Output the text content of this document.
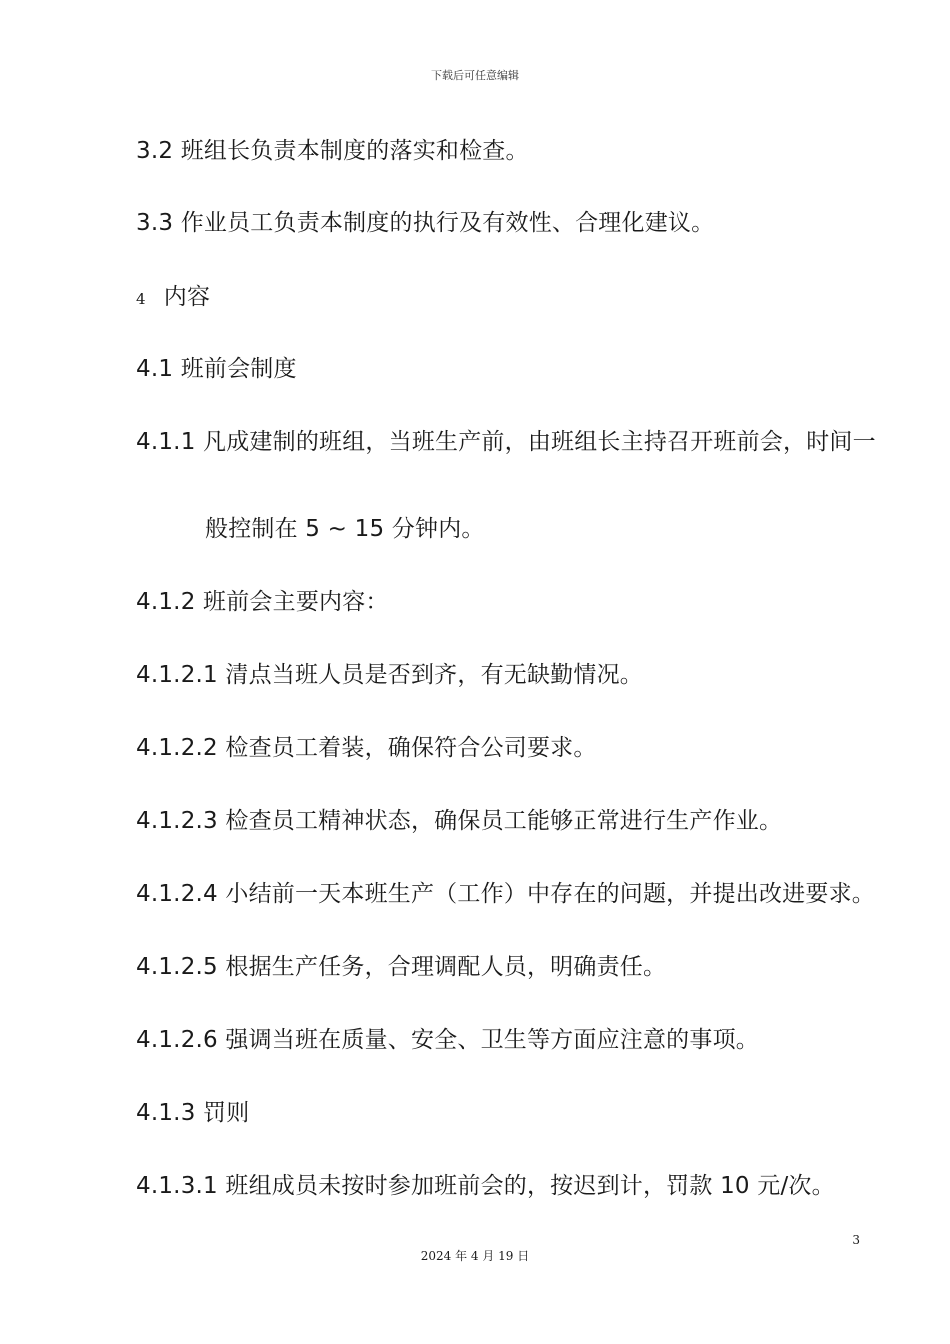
下载后可任意编辑
3.2 班组长负责本制度的落实和检查。
3.3 作业员工负责本制度的执行及有效性、合理化建议。
4 内容
4.1 班前会制度
4.1.1 凡成建制的班组，当班生产前，由班组长主持召开班前会，时间一
般控制在 5 ~ 15 分钟内。
4.1.2 班前会主要内容：
4.1.2.1 清点当班人员是否到齐，有无缺勤情况。
4.1.2.2 检查员工着装，确保符合公司要求。
4.1.2.3 检查员工精神状态，确保员工能够正常进行生产作业。
4.1.2.4 小结前一天本班生产（工作）中存在的问题，并提出改进要求。
4.1.2.5 根据生产任务，合理调配人员，明确责任。
4.1.2.6 强调当班在质量、安全、卫生等方面应注意的事项。
4.1.3 罚则
4.1.3.1 班组成员未按时参加班前会的，按迟到计，罚款 10 元/次。
3
2024 年 4 月 19 日
